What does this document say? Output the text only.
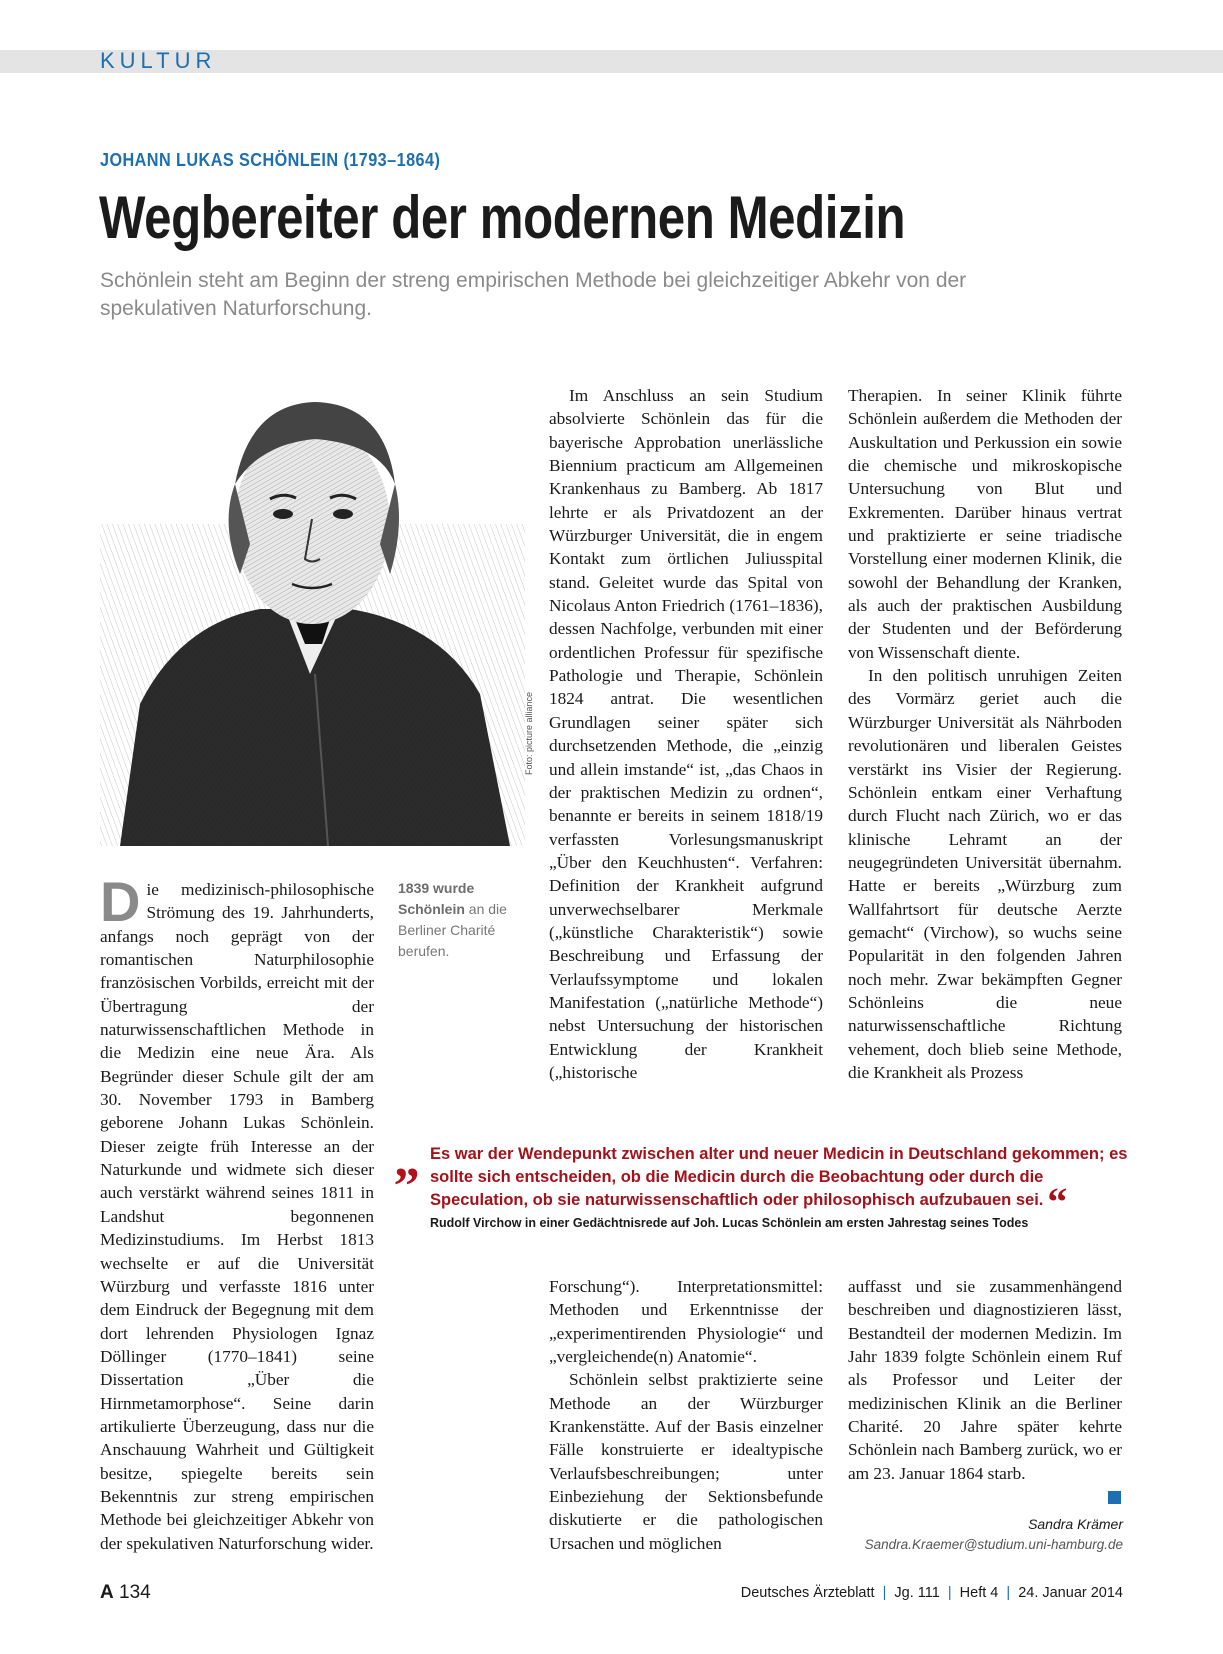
KULTUR
JOHANN LUKAS SCHÖNLEIN (1793–1864)
Wegbereiter der modernen Medizin
Schönlein steht am Beginn der streng empirischen Methode bei gleichzeitiger Abkehr von der spekulativen Naturforschung.
Foto: picture alliance
1839 wurde Schönlein an die Berliner Charité berufen.
Die medizinisch-philosophische Strömung des 19. Jahrhunderts, anfangs noch geprägt von der romantischen Naturphilosophie französischen Vorbilds, erreicht mit der Übertragung der naturwissenschaftlichen Methode in die Medizin eine neue Ära. Als Begründer dieser Schule gilt der am 30. November 1793 in Bamberg geborene Johann Lukas Schönlein. Dieser zeigte früh Interesse an der Naturkunde und widmete sich dieser auch verstärkt während seines 1811 in Landshut begonnenen Medizinstudiums. Im Herbst 1813 wechselte er auf die Universität Würzburg und verfasste 1816 unter dem Eindruck der Begegnung mit dem dort lehrenden Physiologen Ignaz Döllinger (1770–1841) seine Dissertation „Über die Hirnmetamorphose“. Seine darin artikulierte Überzeugung, dass nur die Anschauung Wahrheit und Gültigkeit besitze, spiegelte bereits sein Bekenntnis zur streng empirischen Methode bei gleichzeitiger Abkehr von der spekulativen Naturforschung wider.

Im Anschluss an sein Studium absolvierte Schönlein das für die bayerische Approbation unerlässliche Biennium practicum am Allgemeinen Krankenhaus zu Bamberg. Ab 1817 lehrte er als Privatdozent an der Würzburger Universität, die in engem Kontakt zum örtlichen Juliusspital stand. Geleitet wurde das Spital von Nicolaus Anton Friedrich (1761–1836), dessen Nachfolge, verbunden mit einer ordentlichen Professur für spezifische Pathologie und Therapie, Schönlein 1824 antrat. Die wesentlichen Grundlagen seiner später sich durchsetzenden Methode, die „einzig und allein imstande“ ist, „das Chaos in der praktischen Medizin zu ordnen“, benannte er bereits in seinem 1818/19 verfassten Vorlesungsmanuskript „Über den Keuchhusten“. Verfahren: Definition der Krankheit aufgrund unverwechselbarer Merkmale („künstliche Charakteristik“) sowie Beschreibung und Erfassung der Verlaufssymptome und lokalen Manifestation („natürliche Methode“) nebst Untersuchung der historischen Entwicklung der Krankheit („historische

Therapien. In seiner Klinik führte Schönlein außerdem die Methoden der Auskultation und Perkussion ein sowie die chemische und mikroskopische Untersuchung von Blut und Exkrementen. Darüber hinaus vertrat und praktizierte er seine triadische Vorstellung einer modernen Klinik, die sowohl der Behandlung der Kranken, als auch der praktischen Ausbildung der Studenten und der Beförderung von Wissenschaft diente.

In den politisch unruhigen Zeiten des Vormärz geriet auch die Würzburger Universität als Nährboden revolutionären und liberalen Geistes verstärkt ins Visier der Regierung. Schönlein entkam einer Verhaftung durch Flucht nach Zürich, wo er das klinische Lehramt an der neugegründeten Universität übernahm. Hatte er bereits „Würzburg zum Wallfahrtsort für deutsche Aerzte gemacht“ (Virchow), so wuchs seine Popularität in den folgenden Jahren noch mehr. Zwar bekämpften Gegner Schönleins die neue naturwissenschaftliche Richtung vehement, doch blieb seine Methode, die Krankheit als Prozess

„ Es war der Wendepunkt zwischen alter und neuer Medicin in Deutschland gekommen; es sollte sich entscheiden, ob die Medicin durch die Beobachtung oder durch die Speculation, ob sie naturwissenschaftlich oder philosophisch aufzubauen sei. “
Rudolf Virchow in einer Gedächtnisrede auf Joh. Lucas Schönlein am ersten Jahrestag seines Todes

Forschung“). Interpretationsmittel: Methoden und Erkenntnisse der „experimentirenden Physiologie“ und „vergleichende(n) Anatomie“.

Schönlein selbst praktizierte seine Methode an der Würzburger Krankenstätte. Auf der Basis einzelner Fälle konstruierte er idealtypische Verlaufsbeschreibungen; unter Einbeziehung der Sektionsbefunde diskutierte er die pathologischen Ursachen und möglichen

auffasst und sie zusammenhängend beschreiben und diagnostizieren lässt, Bestandteil der modernen Medizin. Im Jahr 1839 folgte Schönlein einem Ruf als Professor und Leiter der medizinischen Klinik an die Berliner Charité. 20 Jahre später kehrte Schönlein nach Bamberg zurück, wo er am 23. Januar 1864 starb.

Sandra Krämer
Sandra.Kraemer@studium.uni-hamburg.de
A 134	Deutsches Ärzteblatt | Jg. 111 | Heft 4 | 24. Januar 2014
